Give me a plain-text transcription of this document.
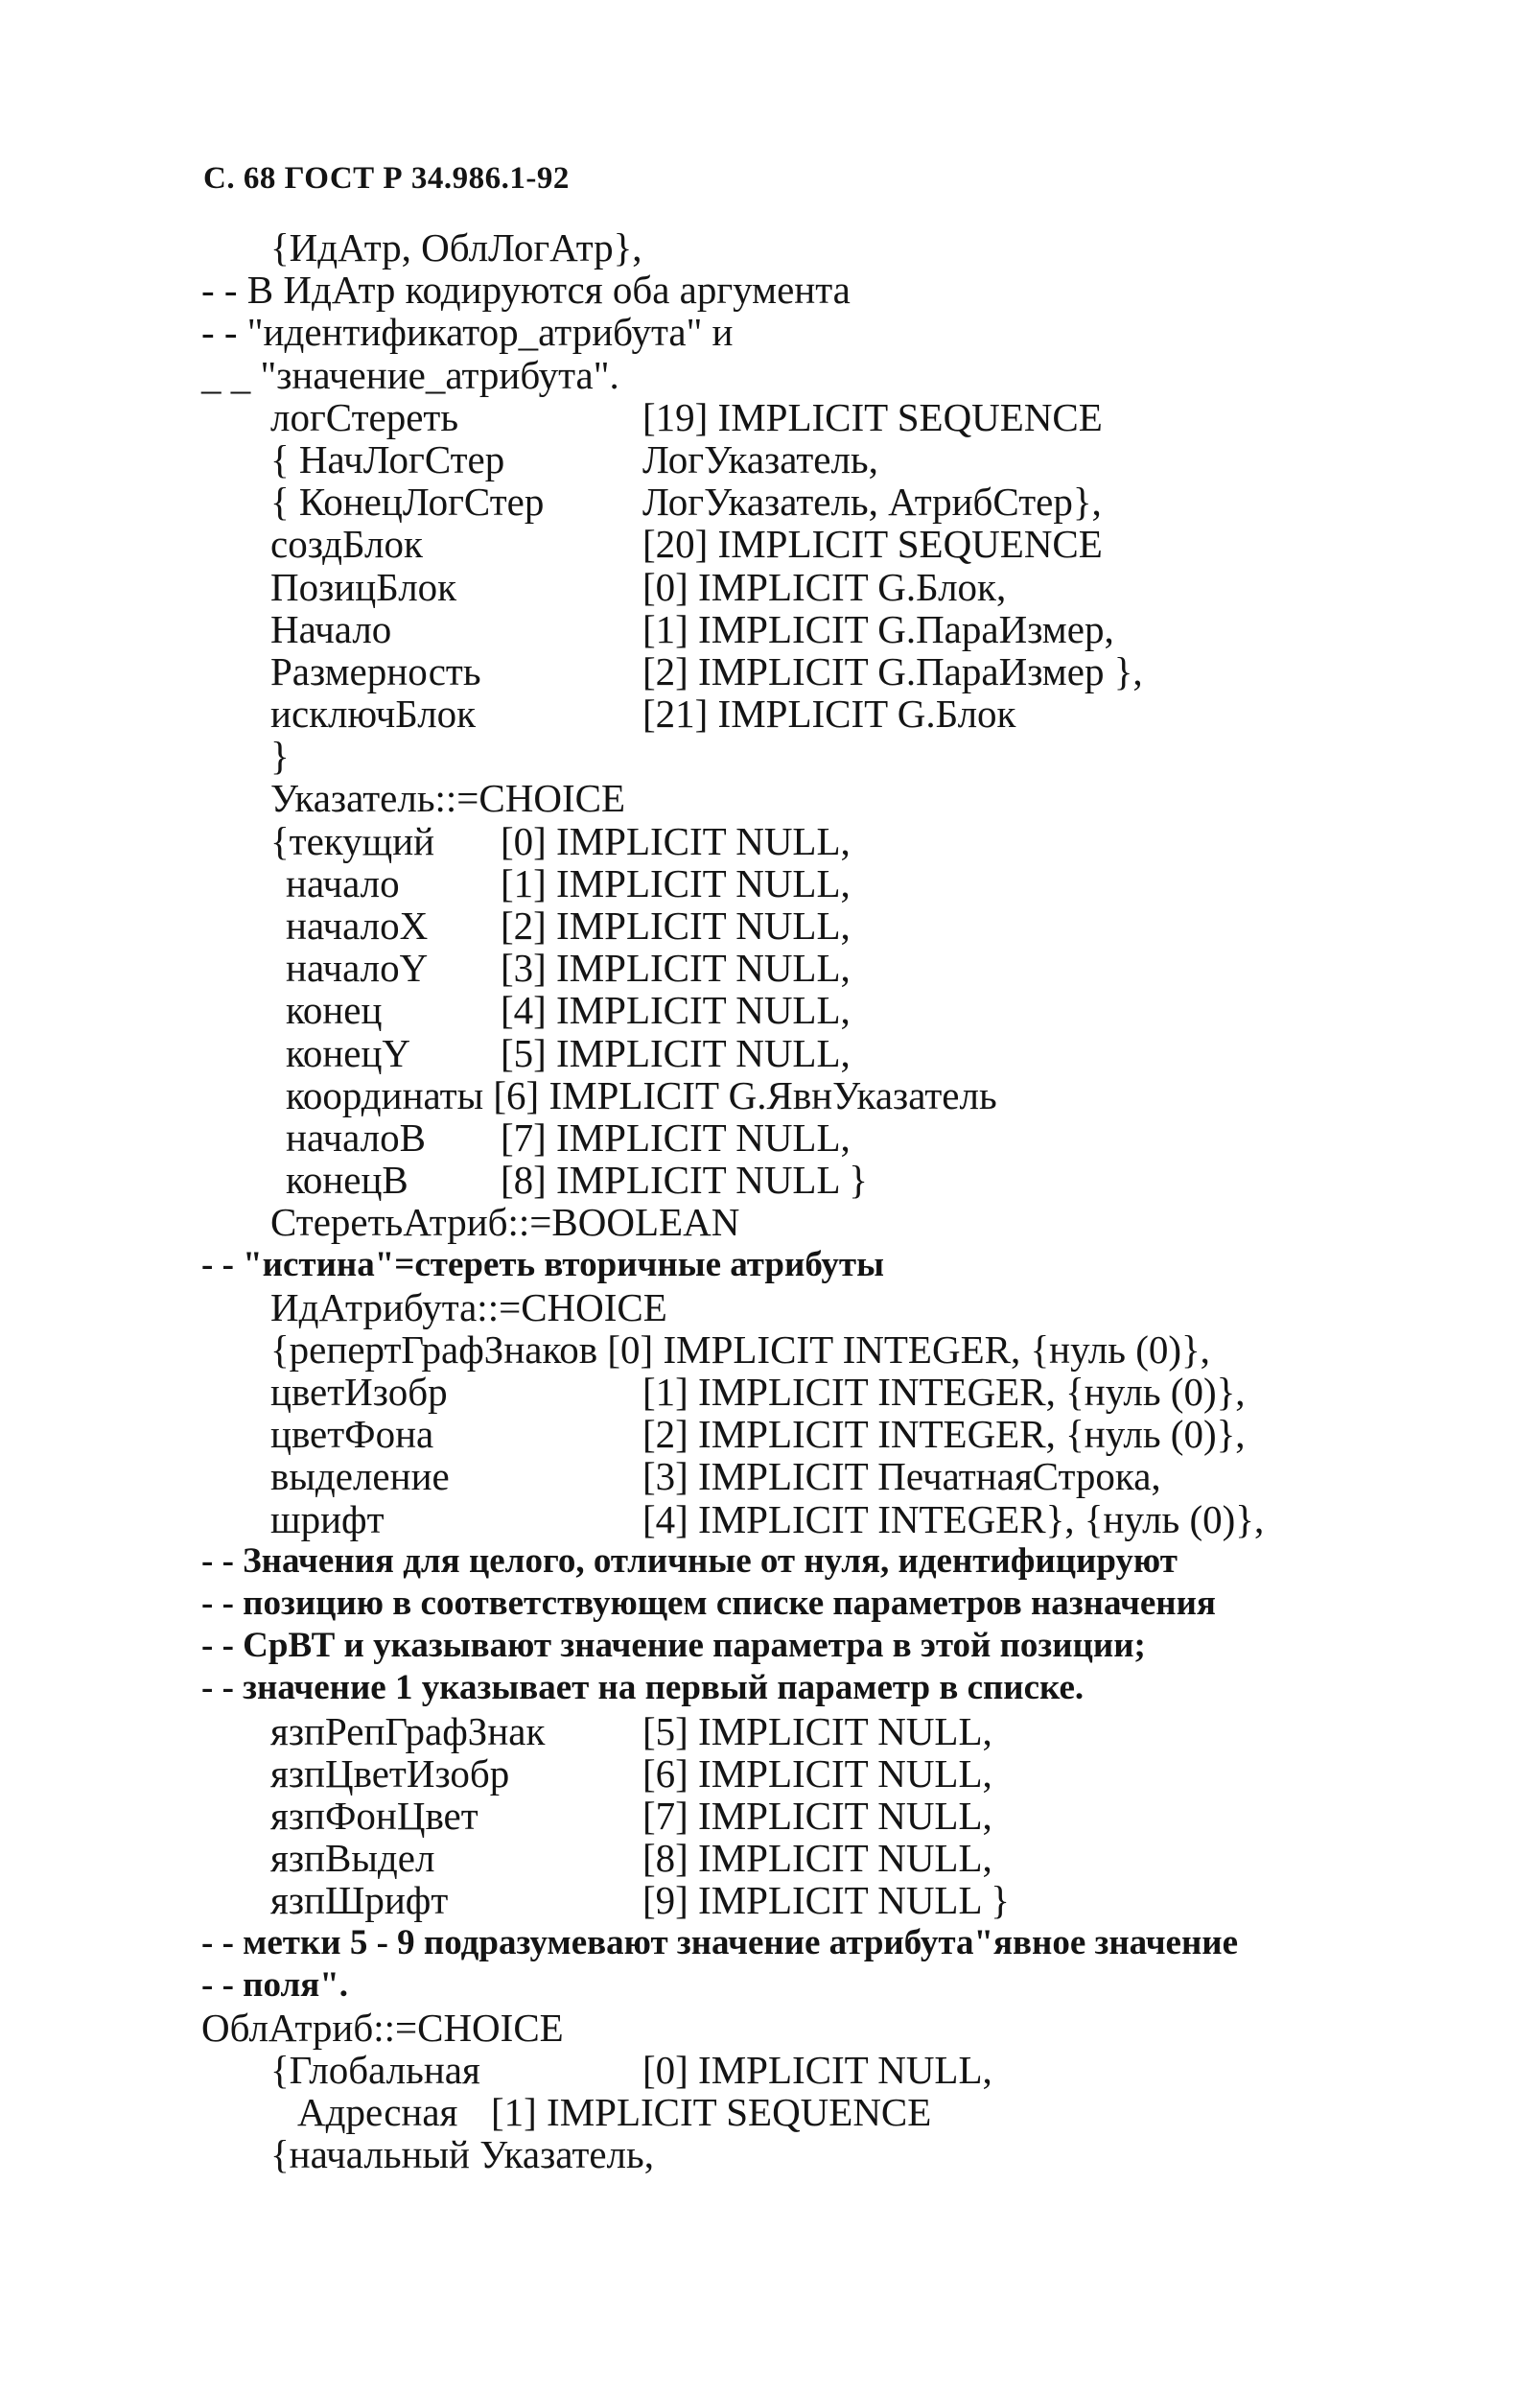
С. 68 ГОСТ Р 34.986.1-92
{ИдАтр, ОблЛогАтр},
- - В ИдАтр кодируются оба аргумента
- - "идентификатор_атрибута" и
_ _ "значение_атрибута".
логСтереть	[19] IMPLICIT SEQUENCE
{ НачЛогСтер	ЛогУказатель,
{ КонецЛогСтер	ЛогУказатель, АтрибСтер},
создБлок	[20] IMPLICIT SEQUENCE
ПозицБлок	[0] IMPLICIT G.Блок,
Начало	[1] IMPLICIT G.ПараИзмер,
Размерность	[2] IMPLICIT G.ПараИзмер },
исключБлок	[21] IMPLICIT G.Блок
}
Указатель::=CHOICE
{текущий [0] IMPLICIT NULL,
начало	[1] IMPLICIT NULL,
началоX [2] IMPLICIT NULL,
началоY [3] IMPLICIT NULL,
конец	[4] IMPLICIT NULL,
конецY [5] IMPLICIT NULL,
координаты [6] IMPLICIT G.ЯвнУказатель
началоB [7] IMPLICIT NULL,
конецB [8] IMPLICIT NULL }
СтеретьАтриб::=BOOLEAN
- - "истина"=стереть вторичные атрибуты
ИдАтрибута::=CHOICE
{репертГрафЗнаков [0] IMPLICIT INTEGER, {нуль (0)},
цветИзобр	[1] IMPLICIT INTEGER, {нуль (0)},
цветФона	[2] IMPLICIT INTEGER, {нуль (0)},
выделение	[3] IMPLICIT ПечатнаяСтрока,
шрифт	[4] IMPLICIT INTEGER}, {нуль (0)},
- - Значения для целого, отличные от нуля, идентифицируют
- - позицию в соответствующем списке параметров назначения
- - СрВТ и указывают значение параметра в этой позиции;
- - значение 1 указывает на первый параметр в списке.
язпРепГрафЗнак [5] IMPLICIT NULL,
язпЦветИзобр	[6] IMPLICIT NULL,
язпФонЦвет	[7] IMPLICIT NULL,
язпВыдел	[8] IMPLICIT NULL,
язпШрифт	[9] IMPLICIT NULL }
- - метки 5 - 9 подразумевают значение атрибута"явное значение
- - поля".
ОблАтриб::=CHOICE
{Глобальная	[0] IMPLICIT NULL,
Адресная [1] IMPLICIT SEQUENCE
{начальный Указатель,
